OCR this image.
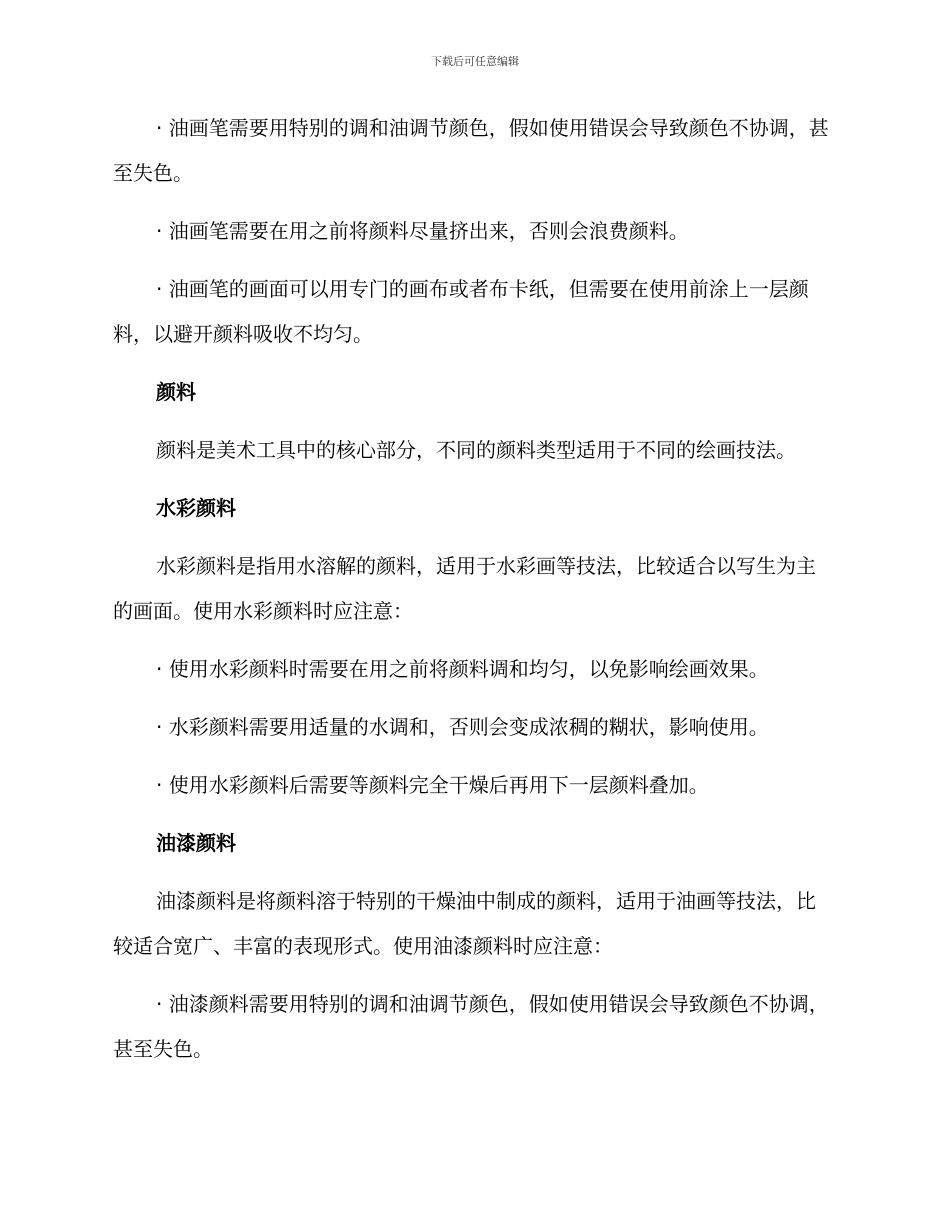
下载后可任意编辑

· 油画笔需要用特别的调和油调节颜色，假如使用错误会导致颜色不协调，甚至失色。

· 油画笔需要在用之前将颜料尽量挤出来，否则会浪费颜料。

· 油画笔的画面可以用专门的画布或者布卡纸，但需要在使用前涂上一层颜料，以避开颜料吸收不均匀。

颜料

颜料是美术工具中的核心部分，不同的颜料类型适用于不同的绘画技法。

水彩颜料

水彩颜料是指用水溶解的颜料，适用于水彩画等技法，比较适合以写生为主的画面。使用水彩颜料时应注意：

· 使用水彩颜料时需要在用之前将颜料调和均匀，以免影响绘画效果。

· 水彩颜料需要用适量的水调和，否则会变成浓稠的糊状，影响使用。

· 使用水彩颜料后需要等颜料完全干燥后再用下一层颜料叠加。

油漆颜料

油漆颜料是将颜料溶于特别的干燥油中制成的颜料，适用于油画等技法，比较适合宽广、丰富的表现形式。使用油漆颜料时应注意：

· 油漆颜料需要用特别的调和油调节颜色，假如使用错误会导致颜色不协调，甚至失色。
